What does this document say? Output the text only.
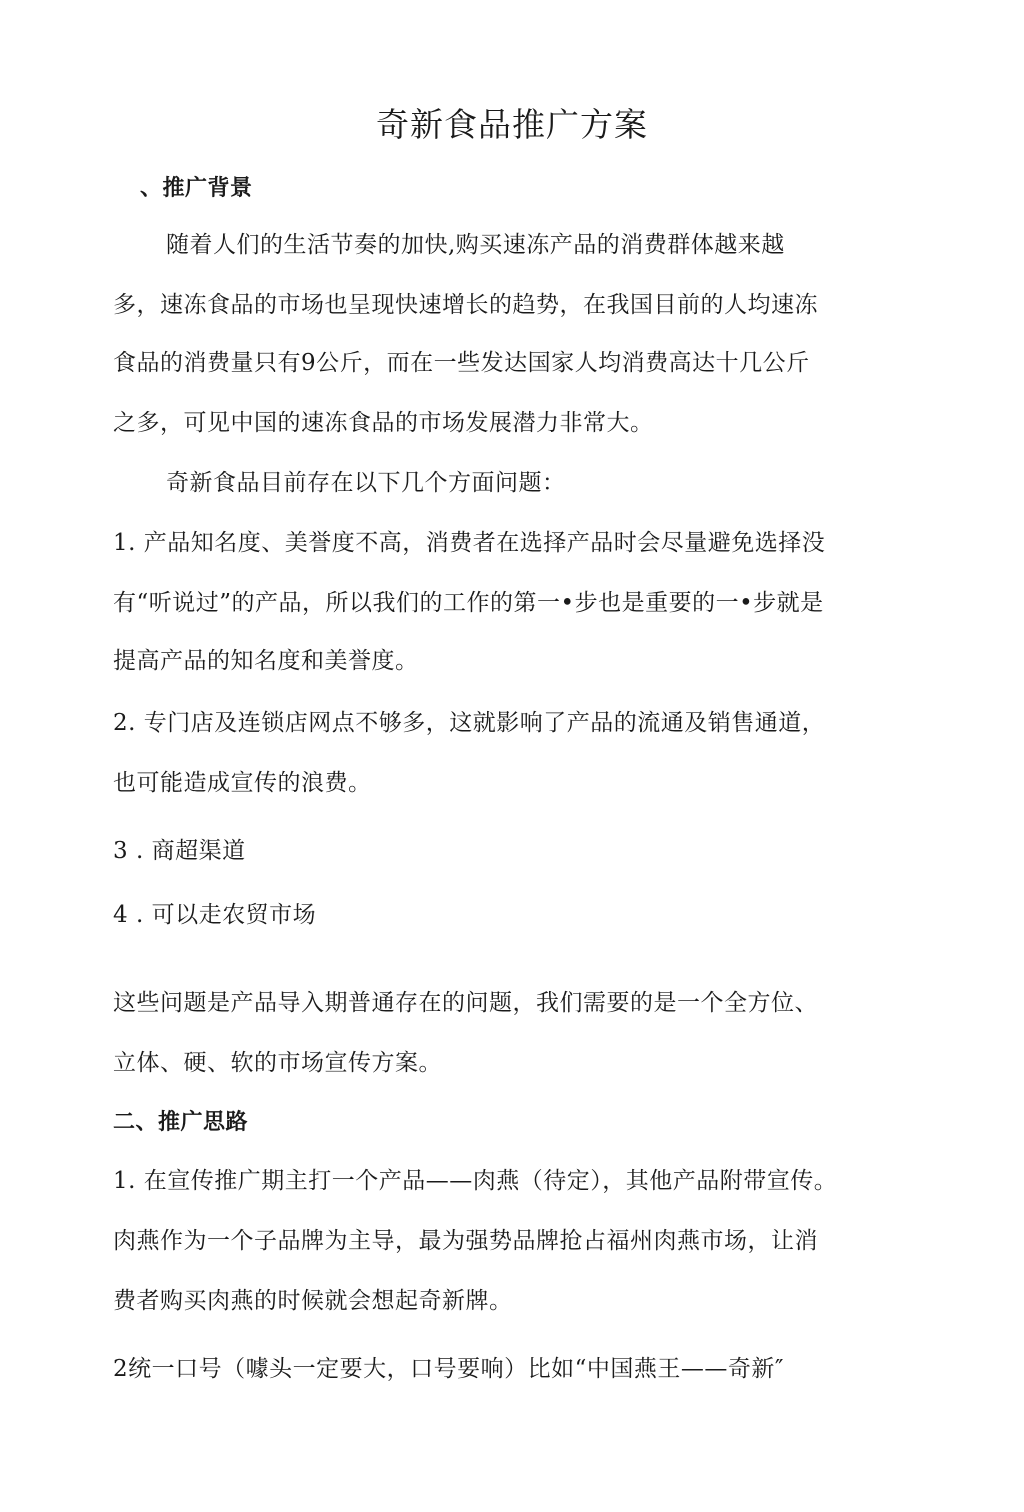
奇新食品推广方案
、推广背景
随着人们的生活节奏的加快,购买速冻产品的消费群体越来越
多，速冻食品的市场也呈现快速增长的趋势，在我国目前的人均速冻
食品的消费量只有9公斤，而在一些发达国家人均消费高达十几公斤
之多，可见中国的速冻食品的市场发展潜力非常大。
奇新食品目前存在以下几个方面问题：
1. 产品知名度、美誉度不高，消费者在选择产品时会尽量避免选择没
有“听说过”的产品，所以我们的工作的第一•步也是重要的一•步就是
提高产品的知名度和美誉度。
2. 专门店及连锁店网点不够多，这就影响了产品的流通及销售通道，
也可能造成宣传的浪费。
3 . 商超渠道
4 . 可以走农贸市场
这些问题是产品导入期普通存在的问题，我们需要的是一个全方位、
立体、硬、软的市场宣传方案。
二、推广思路
1. 在宣传推广期主打一个产品——肉燕（待定），其他产品附带宣传。
肉燕作为一个子品牌为主导，最为强势品牌抢占福州肉燕市场，让消
费者购买肉燕的时候就会想起奇新牌。
2统一口号（噱头一定要大，口号要响）比如“中国燕王——奇新″
